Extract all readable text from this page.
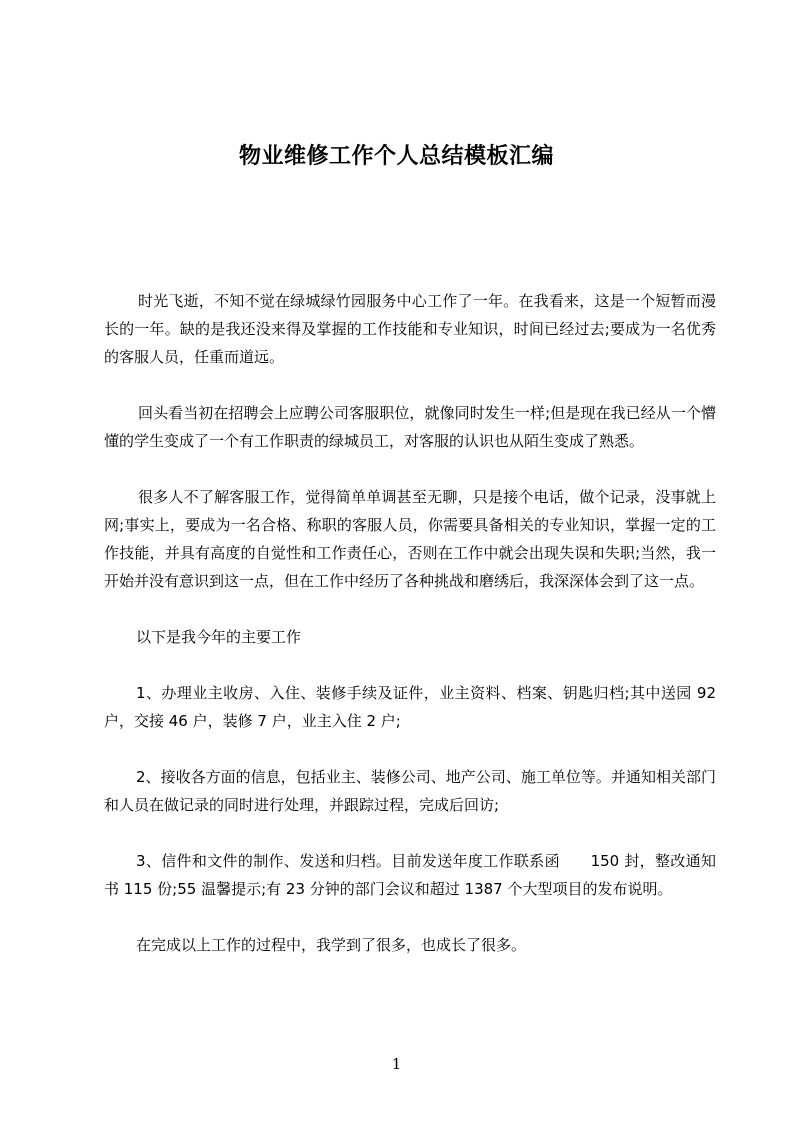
物业维修工作个人总结模板汇编

时光飞逝，不知不觉在绿城绿竹园服务中心工作了一年。在我看来，这是一个短暂而漫长的一年。缺的是我还没来得及掌握的工作技能和专业知识，时间已经过去;要成为一名优秀的客服人员，任重而道远。

回头看当初在招聘会上应聘公司客服职位，就像同时发生一样;但是现在我已经从一个懵懂的学生变成了一个有工作职责的绿城员工，对客服的认识也从陌生变成了熟悉。

很多人不了解客服工作，觉得简单单调甚至无聊，只是接个电话，做个记录，没事就上网;事实上，要成为一名合格、称职的客服人员，你需要具备相关的专业知识，掌握一定的工作技能，并具有高度的自觉性和工作责任心，否则在工作中就会出现失误和失职;当然，我一开始并没有意识到这一点，但在工作中经历了各种挑战和磨绣后，我深深体会到了这一点。

以下是我今年的主要工作

1、办理业主收房、入住、装修手续及证件，业主资料、档案、钥匙归档;其中送园 92 户，交接 46 户，装修 7 户，业主入住 2 户;

2、接收各方面的信息，包括业主、装修公司、地产公司、施工单位等。并通知相关部门和人员在做记录的同时进行处理，并跟踪过程，完成后回访;

3、信件和文件的制作、发送和归档。目前发送年度工作联系函　　150 封，整改通知书 115 份;55 温馨提示;有 23 分钟的部门会议和超过 1387 个大型项目的发布说明。

在完成以上工作的过程中，我学到了很多，也成长了很多。

1
